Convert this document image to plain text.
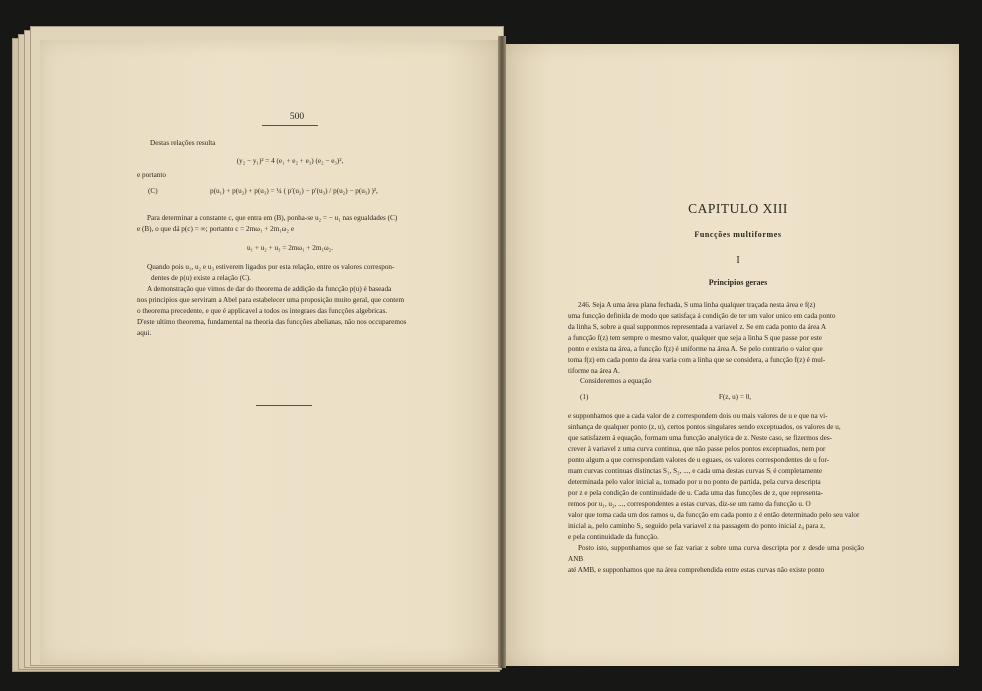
500
Destas relações resulta
(y₂ − y₁)² = 4 (e₁ + e₂ + e₃) (e₂ − e₃)²,
e portanto
(C)	p(u₁) + p(u₂) + p(u₃) = ¼ ( p′(u₂) − p′(u₃) / p(u₂) − p(u₃) )²,
Para determinar a constante c, que entra em (B), ponha-se u₂ = − u₁ nas egualdades (C)
e (B), o que dá p(c) = ∞; portanto c = 2mω₁ + 2m₁ω₂ e
u₁ + u₂ + u₃ = 2mω₁ + 2m₁ω₂.
Quando pois u₁, u₂ e u₃ estiverem ligados por esta relação, entre os valores correspon-
dentes de p(u) existe a relação (C).
A demonstração que vimos de dar do theorema de addição da funcção p(u) é baseada
nos principios que serviram a Abel para estabelecer uma proposição muito geral, que contem
o theorema precedente, e que é applicavel a todos os integraes das funcções algebricas.
D'este ultimo theorema, fundamental na theoria das funcções abelianas, não nos occuparemos
aqui.
CAPITULO XIII
Funcções multiformes
I
Principios geraes
246. Seja A uma área plana fechada, S uma linha qualquer traçada nesta área e f(z)
uma funcção definida de modo que satisfaça á condição de ter um valor unico em cada ponto
da linha S, sobre a qual supponmos representada a variavel z. Se em cada ponto da área A
a funcção f(z) tem sempre o mesmo valor, qualquer que seja a linha S que passe por este
ponto e exista na área, a funcção f(z) é uniforme na área A. Se pelo contrario o valor que
toma f(z) em cada ponto da área varia com a linha que se considera, a funcção f(z) é mul-
tiforme na área A.
Consideremos a equação
(1)	F(z, u) = 0,
e supponhamos que a cada valor de z correspondem dois ou mais valores de u e que na vi-
sinhança de qualquer ponto (z, u), certos pontos singulares sendo exceptuados, os valores de u,
que satisfazem á equação, formam uma funcção analytica de z. Neste caso, se fizermos des-
crever á variavel z uma curva continua, que não passe pelos pontos exceptuados, nem por
ponto algum a que correspondam valores de u eguaes, os valores correspondentes de u for-
mam curvas continuas distinctas S₁, S₂, ..., e cada uma destas curvas Sᵢ é completamente
determinada pelo valor inicial aᵢ, tomado por u no ponto de partida, pela curva descripta
por z e pela condição de continuidade de u. Cada uma das funcções de z, que representa-
remos por u₁, u₂, ..., correspondentes a estas curvas, diz-se um ramo da funcção u. O
valor que toma cada um dos ramos u, da funcção em cada ponto z é então determinado pelo seu valor
inicial aᵢ, pelo caminho Sᵢ, seguido pela variavel z na passagem do ponto inicial z₀ para z,
e pela continuidade da funcção.
Posto isto, supponhamos que se faz variar z sobre uma curva descripta por z desde uma posição ANB
até AMB, e supponhamos que na área comprehendida entre estas curvas não existe ponto
